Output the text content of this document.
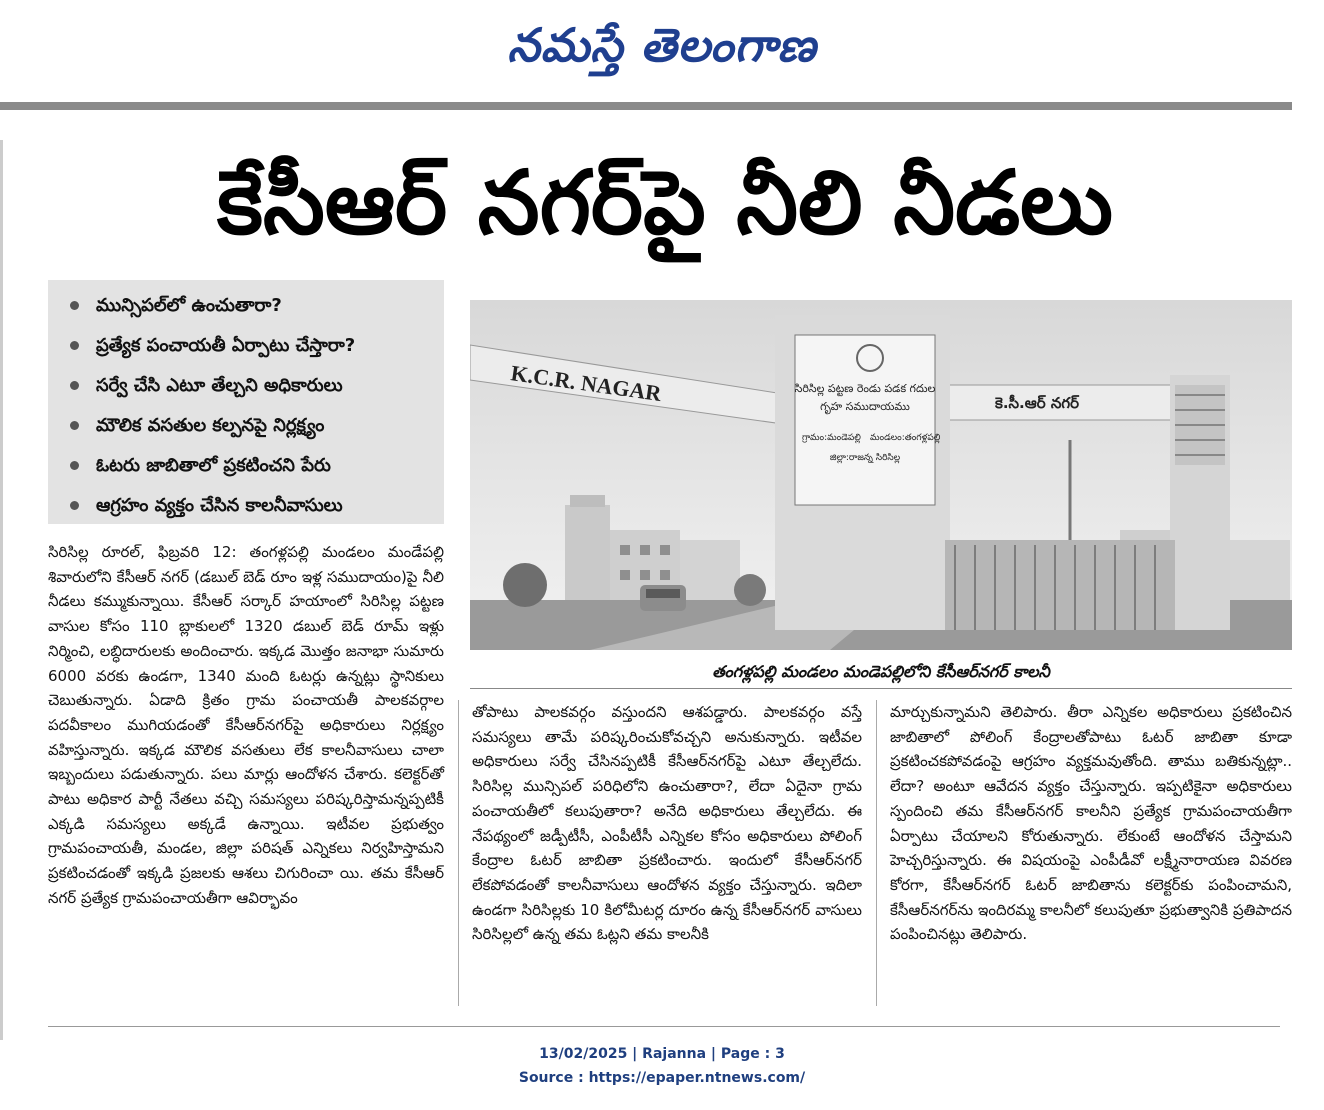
నమస్తే తెలంగాణ
కేసీఆర్ నగర్‌పై నీలి నీడలు
మున్సిపల్‌లో ఉంచుతారా?
ప్రత్యేక పంచాయతీ ఏర్పాటు చేస్తారా?
సర్వే చేసి ఎటూ తేల్చని అధికారులు
మౌలిక వసతుల కల్పనపై నిర్లక్ష్యం
ఓటరు జాబితాలో ప్రకటించని పేరు
ఆగ్రహం వ్యక్తం చేసిన కాలనీవాసులు
K.C.R. NAGAR	కె.సీ.ఆర్ నగర్
సిరిసిల్ల పట్టణ రెండు పడక గదుల
గృహ సముదాయము
గ్రామం:మండెపల్లి మండలం:తంగళ్లపల్లి
జిల్లా:రాజన్న సిరిసిల్ల
తంగళ్లపల్లి మండలం మండెపల్లిలోని కేసీఆర్‌నగర్ కాలనీ

సిరిసిల్ల రూరల్, ఫిబ్రవరి 12: తంగళ్లపల్లి మండలం మండేపల్లి శివారులోని కేసీఆర్ నగర్ (డబుల్ బెడ్ రూం ఇళ్ల సముదాయం)పై నీలి నీడలు కమ్ముకున్నాయి. కేసీఆర్ సర్కార్ హయాంలో సిరిసిల్ల పట్టణ వాసుల కోసం 110 బ్లాకులలో 1320 డబుల్ బెడ్ రూమ్ ఇళ్లు నిర్మించి, లబ్ధిదారులకు అందించారు. ఇక్కడ మొత్తం జనాభా సుమారు 6000 వరకు ఉండగా, 1340 మంది ఓటర్లు ఉన్నట్లు స్థానికులు చెబుతున్నారు. ఏడాది క్రితం గ్రామ పంచాయతీ పాలకవర్గాల పదవీకాలం ముగియడంతో కేసీఆర్‌నగర్‌పై అధికారులు నిర్లక్ష్యం వహిస్తున్నారు. ఇక్కడ మౌలిక వసతులు లేక కాలనీవాసులు చాలా ఇబ్బందులు పడుతున్నారు. పలు మార్లు ఆందోళన చేశారు. కలెక్టర్‌తో పాటు అధికార పార్టీ నేతలు వచ్చి సమస్యలు పరిష్కరిస్తామన్నప్పటికీ ఎక్కడి సమస్యలు అక్కడే ఉన్నాయి. ఇటీవల ప్రభుత్వం గ్రామపంచాయతీ, మండల, జిల్లా పరిషత్ ఎన్నికలు నిర్వహిస్తామని ప్రకటించడంతో ఇక్కడి ప్రజలకు ఆశలు చిగురించా యి. తమ కేసీఆర్ నగర్ ప్రత్యేక గ్రామపంచాయతీగా ఆవిర్భావం

తోపాటు పాలకవర్గం వస్తుందని ఆశపడ్డారు. పాలకవర్గం వస్తే సమస్యలు తామే పరిష్కరించుకోవచ్చని అనుకున్నారు. ఇటీవల అధికారులు సర్వే చేసినప్పటికీ కేసీఆర్‌నగర్‌పై ఎటూ తేల్చలేదు. సిరిసిల్ల మున్సిపల్ పరిధిలోని ఉంచుతారా?, లేదా ఏదైనా గ్రామ పంచాయతీలో కలుపుతారా? అనేది అధికారులు తేల్చలేదు. ఈ నేపథ్యంలో జడ్పీటీసీ, ఎంపీటీసీ ఎన్నికల కోసం అధికారులు పోలింగ్ కేంద్రాల ఓటర్ జాబితా ప్రకటించారు. ఇందులో కేసీఆర్‌నగర్ లేకపోవడంతో కాలనీవాసులు ఆందోళన వ్యక్తం చేస్తున్నారు. ఇదిలా ఉండగా సిరిసిల్లకు 10 కిలోమీటర్ల దూరం ఉన్న కేసీఆర్‌నగర్ వాసులు సిరిసిల్లలో ఉన్న తమ ఓట్లని తమ కాలనీకి

మార్చుకున్నామని తెలిపారు. తీరా ఎన్నికల అధికారులు ప్రకటించిన జాబితాలో పోలింగ్ కేంద్రాలతోపాటు ఓటర్ జాబితా కూడా ప్రకటించకపోవడంపై ఆగ్రహం వ్యక్తమవుతోంది. తాము బతికున్నట్లా.. లేదా? అంటూ ఆవేదన వ్యక్తం చేస్తున్నారు. ఇప్పటికైనా అధికారులు స్పందించి తమ కేసీఆర్‌నగర్ కాలనీని ప్రత్యేక గ్రామపంచాయతీగా ఏర్పాటు చేయాలని కోరుతున్నారు. లేకుంటే ఆందోళన చేస్తామని హెచ్చరిస్తున్నారు. ఈ విషయంపై ఎంపీడీవో లక్ష్మీనారాయణ వివరణ కోరగా, కేసీఆర్‌నగర్ ఓటర్ జాబితాను కలెక్టర్‌కు పంపించామని, కేసీఆర్‌నగర్‌ను ఇందిరమ్మ కాలనీలో కలుపుతూ ప్రభుత్వానికి ప్రతిపాదన పంపించినట్లు తెలిపారు.

13/02/2025 | Rajanna | Page : 3
Source : https://epaper.ntnews.com/
